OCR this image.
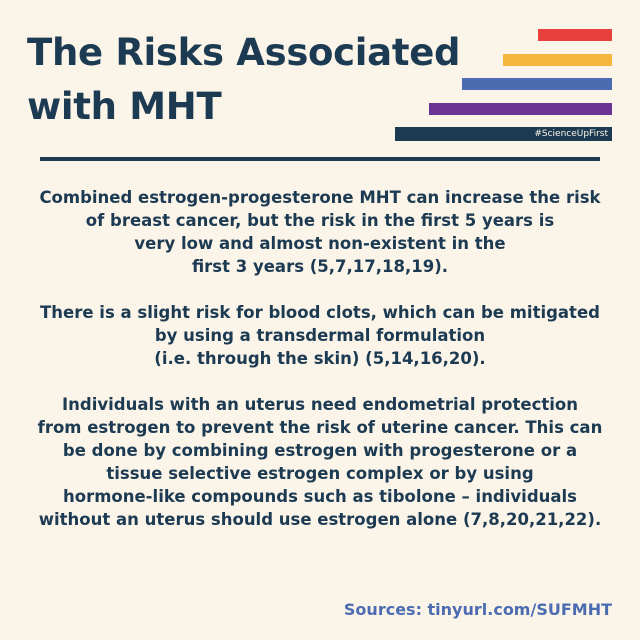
The Risks Associated
with MHT
#ScienceUpFirst

Combined estrogen-progesterone MHT can increase the risk
of breast cancer, but the risk in the first 5 years is
very low and almost non-existent in the
first 3 years (5,7,17,18,19).

There is a slight risk for blood clots, which can be mitigated
by using a transdermal formulation
(i.e. through the skin) (5,14,16,20).

Individuals with an uterus need endometrial protection
from estrogen to prevent the risk of uterine cancer. This can
be done by combining estrogen with progesterone or a
tissue selective estrogen complex or by using
hormone-like compounds such as tibolone – individuals
without an uterus should use estrogen alone (7,8,20,21,22).

Sources: tinyurl.com/SUFMHT
